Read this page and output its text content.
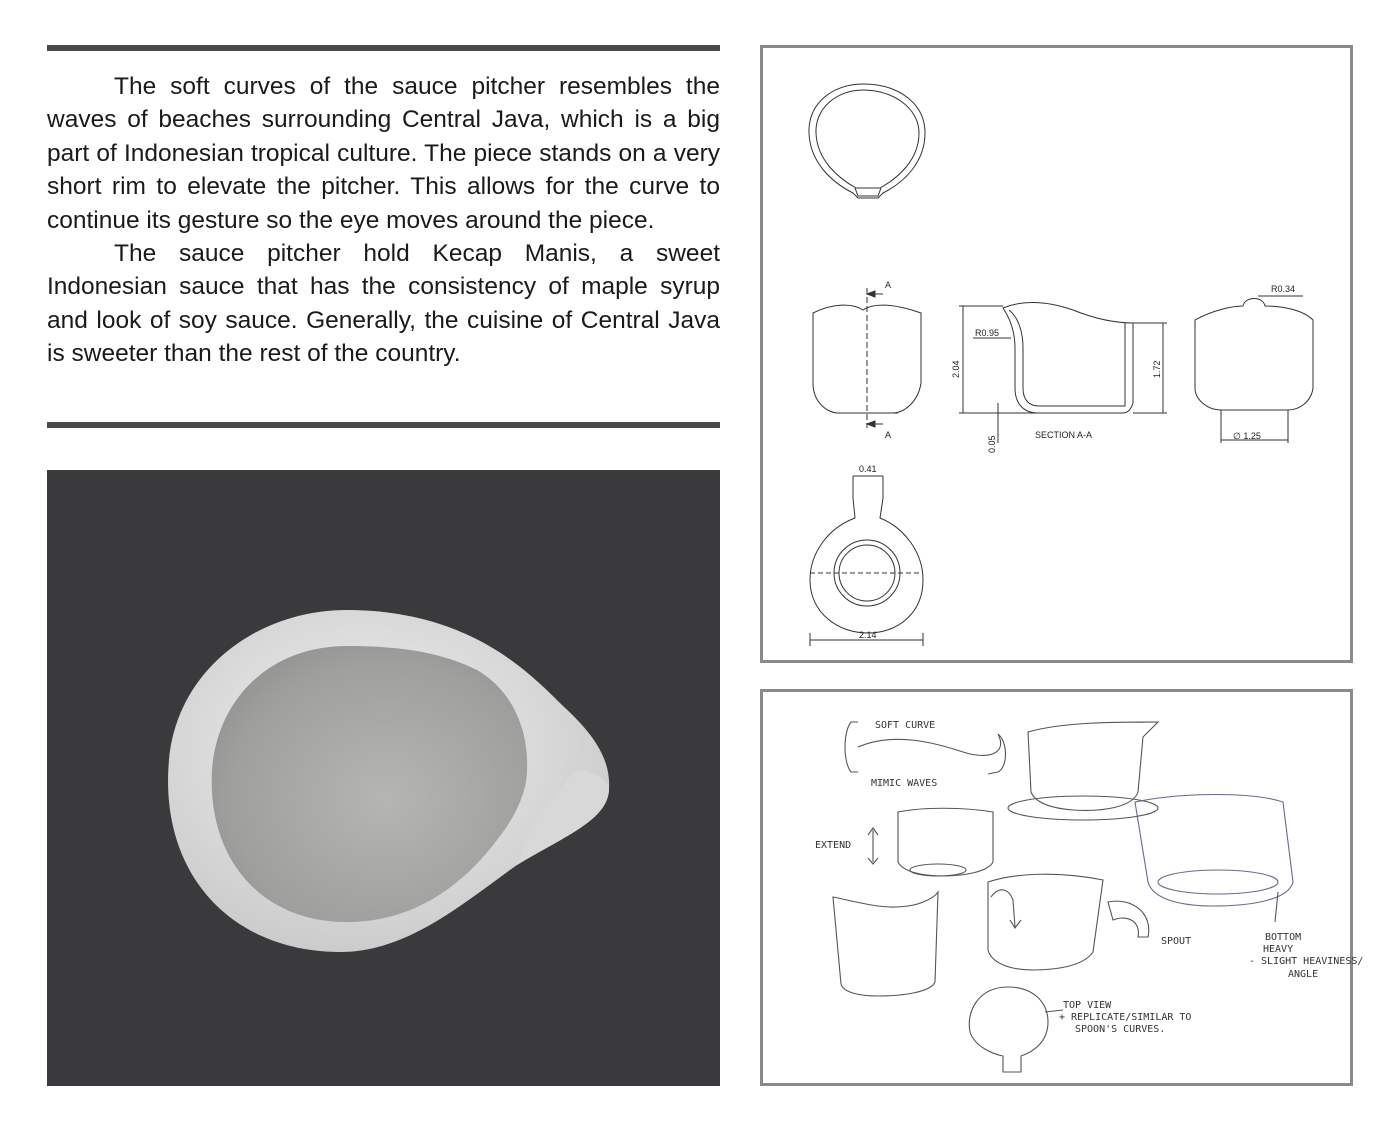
The soft curves of the sauce pitcher resembles the waves of beaches surrounding Central Java, which is a big part of Indonesian tropical culture. The piece stands on a very short rim to elevate the pitcher. This allows for the curve to continue its gesture so the eye moves around the piece.

The sauce pitcher hold Kecap Manis, a sweet Indonesian sauce that has the consistency of maple syrup and look of soy sauce. Generally, the cuisine of Central Java is sweeter than the rest of the country.

A
A
R0.95
2.04	1.72
0.05
SECTION A-A
R0.34
∅ 1.25
0.41
2.14
SOFT CURVE
MIMIC WAVES
EXTEND
SPOUT	BOTTOM
HEAVY
- SLIGHT HEAVINESS/
ANGLE
TOP VIEW
+ REPLICATE/SIMILAR TO
SPOON'S CURVES.
